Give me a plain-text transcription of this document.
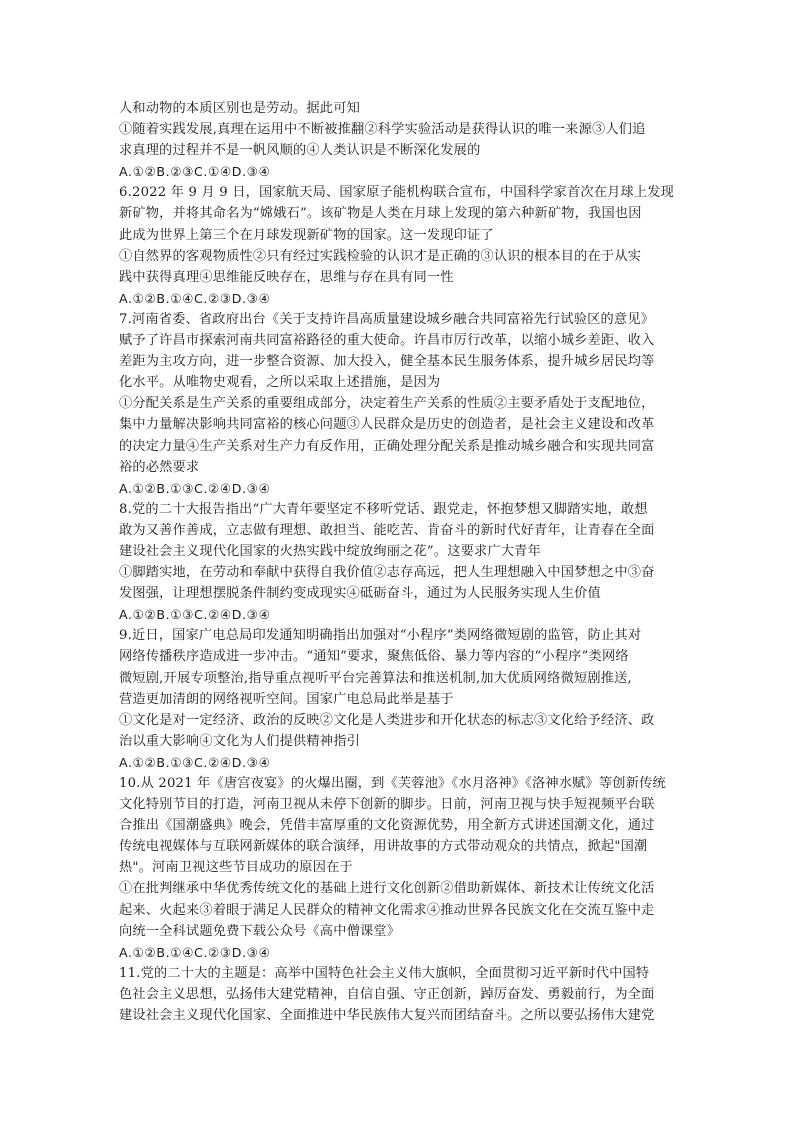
人和动物的本质区别也是劳动。据此可知
①随着实践发展,真理在运用中不断被推翻②科学实验活动是获得认识的唯一来源③人们追
求真理的过程并不是一帆风顺的④人类认识是不断深化发展的
A.①②B.②③C.①④D.③④
6.2022 年 9 月 9 日，国家航天局、国家原子能机构联合宣布，中国科学家首次在月球上发现
新矿物，并将其命名为“嫦娥石”。该矿物是人类在月球上发现的第六种新矿物，我国也因
此成为世界上第三个在月球发现新矿物的国家。这一发现印证了
①自然界的客观物质性②只有经过实践检验的认识才是正确的③认识的根本目的在于从实
践中获得真理④思维能反映存在，思维与存在具有同一性
A.①②B.①④C.②③D.③④
7.河南省委、省政府出台《关于支持许昌高质量建设城乡融合共同富裕先行试验区的意见》
赋予了许昌市探索河南共同富裕路径的重大使命。许昌市厉行改革，以缩小城乡差距、收入
差距为主攻方向，进一步整合资源、加大投入，健全基本民生服务体系，提升城乡居民均等
化水平。从唯物史观看，之所以采取上述措施，是因为
①分配关系是生产关系的重要组成部分，决定着生产关系的性质②主要矛盾处于支配地位，
集中力量解决影响共同富裕的核心问题③人民群众是历史的创造者，是社会主义建设和改革
的决定力量④生产关系对生产力有反作用，正确处理分配关系是推动城乡融合和实现共同富
裕的必然要求
A.①②B.①③C.②④D.③④
8.党的二十大报告指出“广大青年要坚定不移听党话、跟党走，怀抱梦想又脚踏实地，敢想
敢为又善作善成，立志做有理想、敢担当、能吃苦、肯奋斗的新时代好青年，让青春在全面
建设社会主义现代化国家的火热实践中绽放绚丽之花”。这要求广大青年
①脚踏实地，在劳动和奉献中获得自我价值②志存高远，把人生理想融入中国梦想之中③奋
发图强，让理想摆脱条件制约变成现实④砥砺奋斗，通过为人民服务实现人生价值
A.①②B.①③C.②④D.③④
9.近日，国家广电总局印发通知明确指出加强对“小程序”类网络微短剧的监管，防止其对
网络传播秩序造成进一步冲击。“通知”要求，聚焦低俗、暴力等内容的“小程序”类网络
微短剧,开展专项整治,指导重点视听平台完善算法和推送机制,加大优质网络微短剧推送,
营造更加清朗的网络视听空间。国家广电总局此举是基于
①文化是对一定经济、政治的反映②文化是人类进步和开化状态的标志③文化给予经济、政
治以重大影响④文化为人们提供精神指引
A.①②B.①③C.②④D.③④
10.从 2021 年《唐宫夜宴》的火爆出圈，到《芙蓉池》《水月洛神》《洛神水赋》等创新传统
文化特别节目的打造，河南卫视从未停下创新的脚步。日前，河南卫视与快手短视频平台联
合推出《国潮盛典》晚会，凭借丰富厚重的文化资源优势，用全新方式讲述国潮文化，通过
传统电视媒体与互联网新媒体的联合演绎，用讲故事的方式带动观众的共情点，掀起"国潮
热"。河南卫视这些节目成功的原因在于
①在批判继承中华优秀传统文化的基础上进行文化创新②借助新媒体、新技术让传统文化活
起来、火起来③着眼于满足人民群众的精神文化需求④推动世界各民族文化在交流互鉴中走
向统一全科试题免费下载公众号《高中僧课堂》
A.①②B.①④C.②③D.③④
11.党的二十大的主题是：高举中国特色社会主义伟大旗帜，全面贯彻习近平新时代中国特
色社会主义思想，弘扬伟大建党精神，自信自强、守正创新，踔厉奋发、勇毅前行，为全面
建设社会主义现代化国家、全面推进中华民族伟大复兴而团结奋斗。之所以要弘扬伟大建党
